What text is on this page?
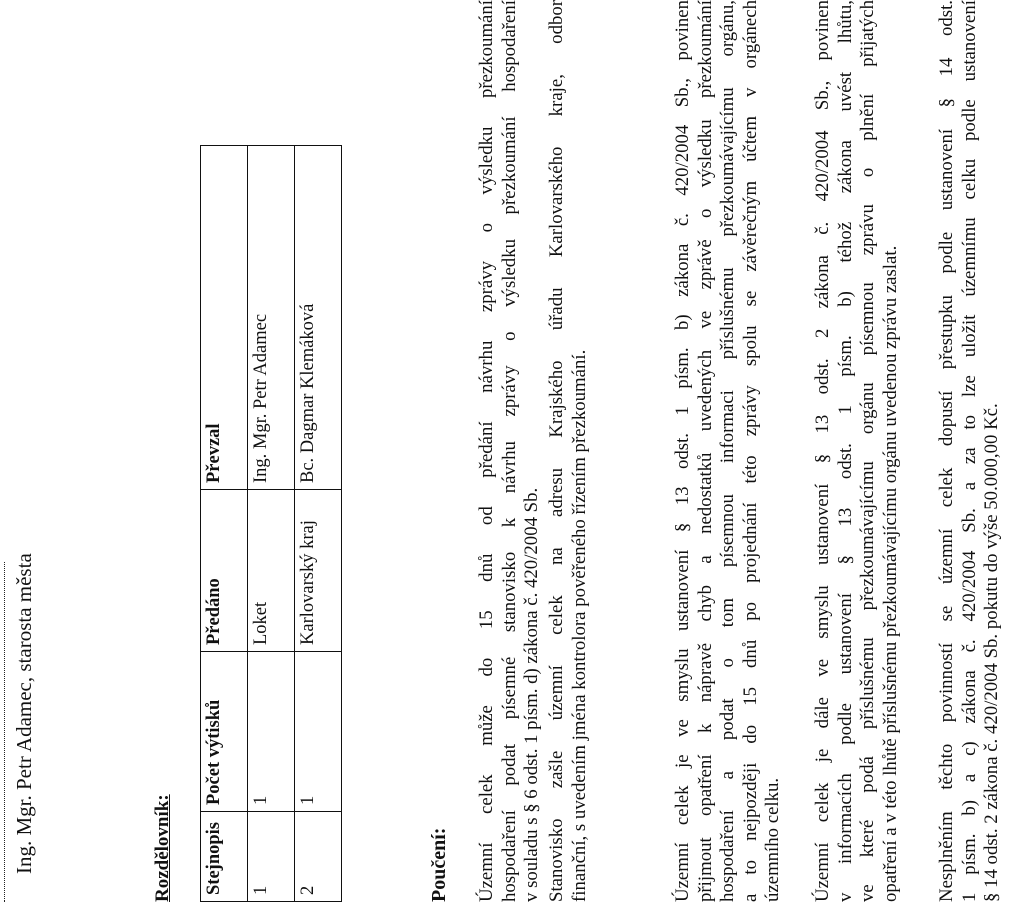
Ing. Mgr. Petr Adamec, starosta města	Rozdělovník: Stejnopis	Počet výtisků	Předáno	Převzal
1	1	Loket	Ing. Mgr. Petr Adamec
2	1	Karlovarský kraj	Bc. Dagmar Klemáková
Poučení: Územní celek může do 15 dnů od předání návrhu zprávy o výsledku přezkoumání hospodaření podat písemné stanovisko k návrhu zprávy o výsledku přezkoumání hospodaření v souladu s § 6 odst. 1 písm. d) zákona č. 420/2004 Sb. Stanovisko zašle územní celek na adresu Krajského úřadu Karlovarského kraje, odbor finanční, s uvedením jména kontrolora pověřeného řízením přezkoumání.	Územní celek je ve smyslu ustanovení § 13 odst. 1 písm. b) zákona č. 420/2004 Sb., povinen přijmout opatření k nápravě chyb a nedostatků uvedených ve zprávě o výsledku přezkoumání hospodaření a podat o tom písemnou informaci příslušnému přezkoumávajícímu orgánu, a to nejpozději do 15 dnů po projednání této zprávy spolu se závěrečným účtem v orgánech územního celku. Územní celek je dále ve smyslu ustanovení § 13 odst. 2 zákona č. 420/2004 Sb., povinen v informacích podle ustanovení § 13 odst. 1 písm. b) téhož zákona uvést lhůtu, ve které podá příslušnému přezkoumávajícímu orgánu písemnou zprávu o plnění přijatých opatření a v této lhůtě příslušnému přezkoumávajícímu orgánu uvedenou zprávu zaslat. Nesplněním těchto povinností se územní celek dopustí přestupku podle ustanovení § 14 odst. 1 písm. b) a c) zákona č. 420/2004 Sb. a za to lze uložit územnímu celku podle ustanovení § 14 odst. 2 zákona č. 420/2004 Sb. pokutu do výše 50.000,00 Kč.
